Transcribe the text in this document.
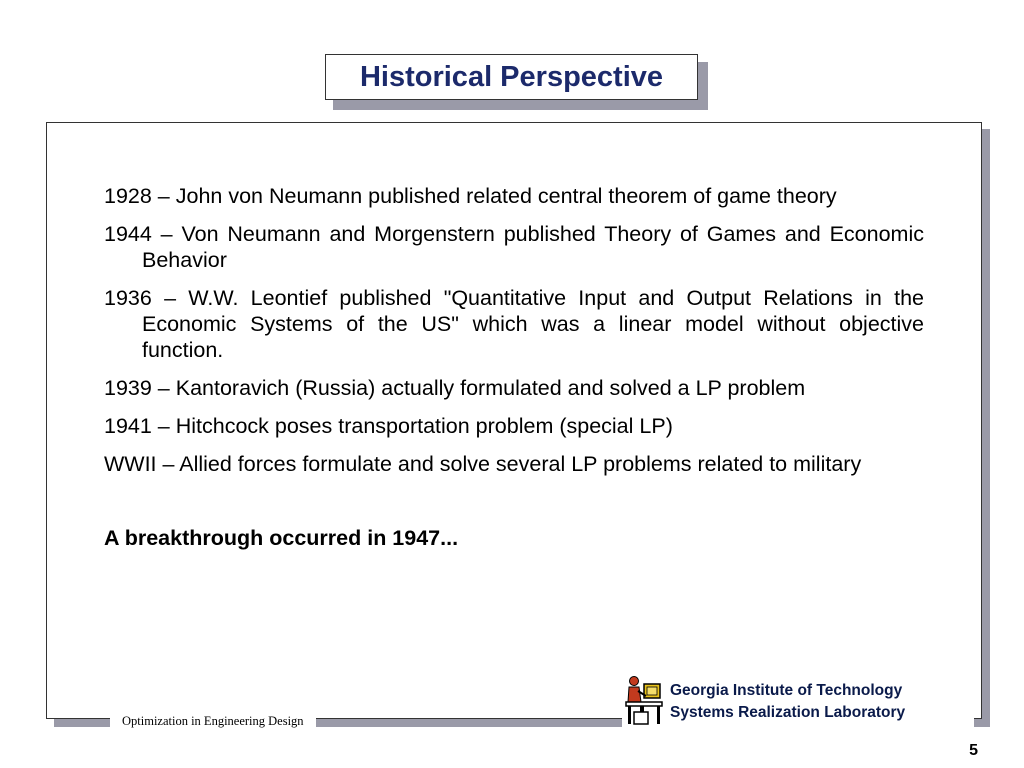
Historical Perspective

1928 – John von Neumann published related central theorem of game theory

1944 – Von Neumann and Morgenstern published Theory of Games and Economic Behavior

1936 – W.W. Leontief published "Quantitative Input and Output Relations in the Economic Systems of the US" which was a linear model without objective function.

1939 – Kantoravich (Russia) actually formulated and solved a LP problem

1941 – Hitchcock poses transportation problem (special LP)

WWII – Allied forces formulate and solve several LP problems related to military

A breakthrough occurred in 1947...
Optimization in Engineering Design
Georgia Institute of Technology
Systems Realization Laboratory
5
